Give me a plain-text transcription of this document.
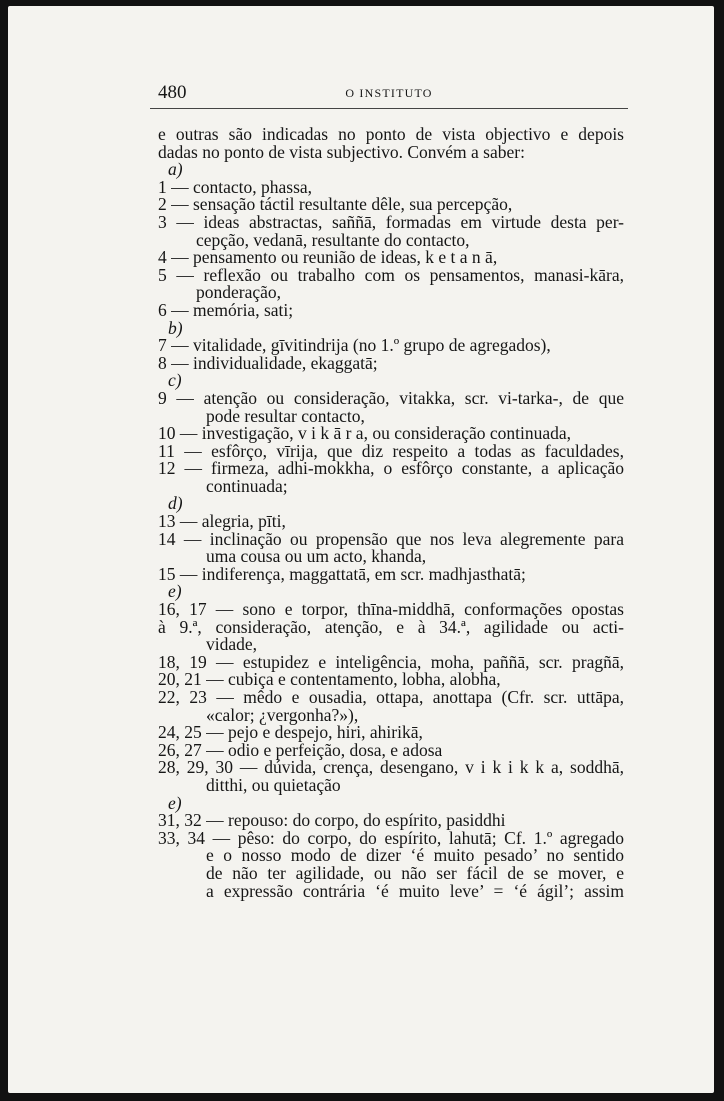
480	O INSTITUTO
e outras são indicadas no ponto de vista objectivo e depois
dadas no ponto de vista subjectivo. Convém a saber:
a)
1 — contacto, phassa,
2 — sensação táctil resultante dêle, sua percepção,
3 — ideas abstractas, saññā, formadas em virtude desta per-
cepção, vedanā, resultante do contacto,
4 — pensamento ou reunião de ideas, k e t a n ā,
5 — reflexão ou trabalho com os pensamentos, manasi-kāra,
ponderação,
6 — memória, sati;
b)
7 — vitalidade, gīvitindrija (no 1.º grupo de agregados),
8 — individualidade, ekaggatā;
c)
9 — atenção ou consideração, vitakka, scr. vi-tarka-, de que
pode resultar contacto,
10 — investigação, v i k ā r a, ou consideração continuada,
11 — esfôrço, vīrija, que diz respeito a todas as faculdades,
12 — firmeza, adhi-mokkha, o esfôrço constante, a aplicação
continuada;
d)
13 — alegria, pīti,
14 — inclinação ou propensão que nos leva alegremente para
uma cousa ou um acto, khanda,
15 — indiferença, maggattatā, em scr. madhjasthatā;
e)
16, 17 — sono e torpor, thīna-middhā, conformações opostas
à 9.ª, consideração, atenção, e à 34.ª, agilidade ou acti-
vidade,
18, 19 — estupidez e inteligência, moha, paññā, scr. pragñā,
20, 21 — cubiça e contentamento, lobha, alobha,
22, 23 — mêdo e ousadia, ottapa, anottapa (Cfr. scr. uttāpa,
«calor; ¿vergonha?»),
24, 25 — pejo e despejo, hiri, ahirikā,
26, 27 — odio e perfeição, dosa, e adosa
28, 29, 30 — dúvida, crença, desengano, v i k i k k a, soddhā,
ditthi, ou quietação
e)
31, 32 — repouso: do corpo, do espírito, pasiddhi
33, 34 — pêso: do corpo, do espírito, lahutā; Cf. 1.º agregado
e o nosso modo de dizer ‘é muito pesado’ no sentido
de não ter agilidade, ou não ser fácil de se mover, e
a expressão contrária ‘é muito leve’ = ‘é ágil’; assim
